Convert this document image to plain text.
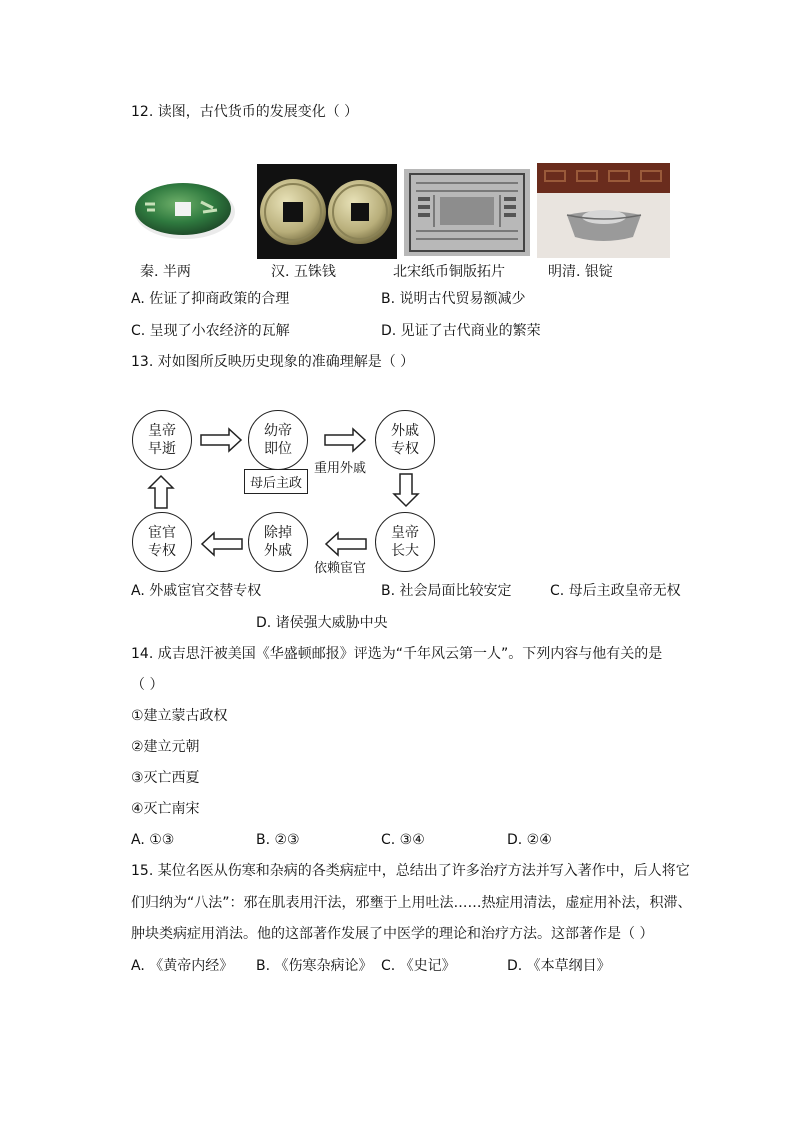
12. 读图，古代货币的发展变化（ ）
秦. 半两	汉. 五铢钱	北宋纸币铜版拓片	明清. 银锭
A. 佐证了抑商政策的合理	B. 说明古代贸易额减少
C. 呈现了小农经济的瓦解	D. 见证了古代商业的繁荣
13. 对如图所反映历史现象的准确理解是（ ）
皇帝
早逝
幼帝
即位
外戚
专权
皇帝
长大
除掉
外戚
宦官
专权
母后主政
重用外戚
依赖宦官
A. 外戚宦官交替专权	B. 社会局面比较安定	C. 母后主政皇帝无权
D. 诸侯强大威胁中央
14. 成吉思汗被美国《华盛顿邮报》评选为“千年风云第一人”。下列内容与他有关的是
（ ）
①建立蒙古政权
②建立元朝
③灭亡西夏
④灭亡南宋
A. ①③	B. ②③	C. ③④	D. ②④
15. 某位名医从伤寒和杂病的各类病症中，总结出了许多治疗方法并写入著作中，后人将它
们归纳为“八法”：邪在肌表用汗法，邪壅于上用吐法……热症用清法，虚症用补法，积滞、
肿块类病症用消法。他的这部著作发展了中医学的理论和治疗方法。这部著作是（ ）
A. 《黄帝内经》 B. 《伤寒杂病论》 C. 《史记》	D. 《本草纲目》
